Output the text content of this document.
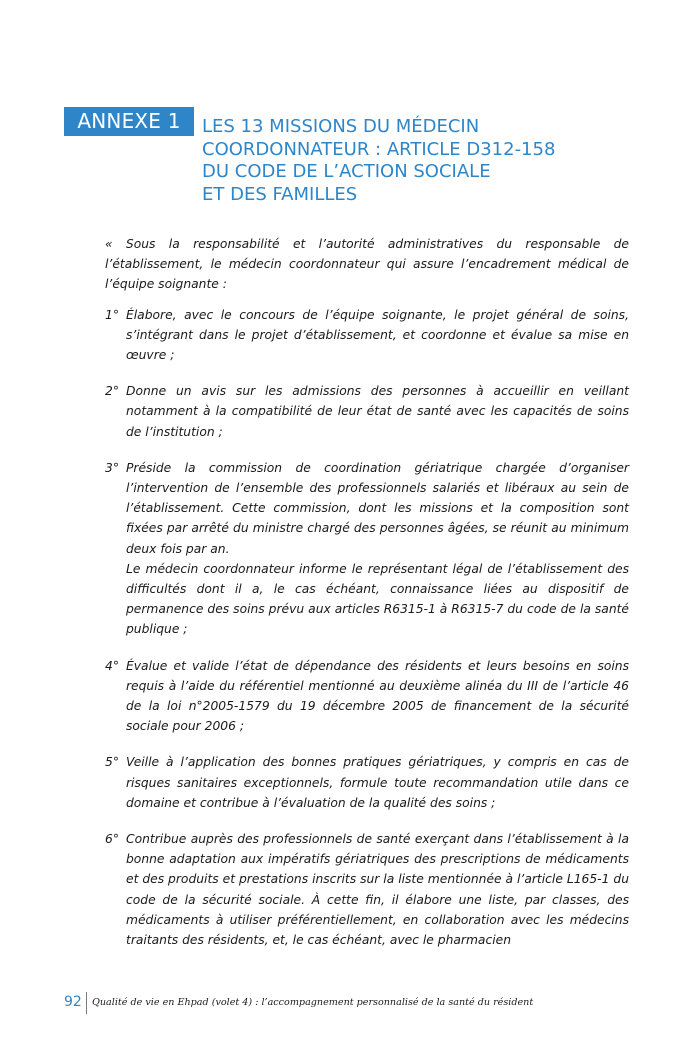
ANNEXE 1	LES 13 MISSIONS DU MÉDECIN
COORDONNATEUR : ARTICLE D312-158
DU CODE DE L’ACTION SOCIALE
ET DES FAMILLES

« Sous la responsabilité et l’autorité administratives du responsable de l’établissement, le médecin coordonnateur qui assure l’encadrement médical de l’équipe soignante :

1° Élabore, avec le concours de l’équipe soignante, le projet général de soins, s’intégrant dans le projet d’établissement, et coordonne et évalue sa mise en œuvre ;

2° Donne un avis sur les admissions des personnes à accueillir en veillant notamment à la compatibilité de leur état de santé avec les capacités de soins de l’institution ;

3° Préside la commission de coordination gériatrique chargée d’organiser l’intervention de l’ensemble des professionnels salariés et libéraux au sein de l’établissement. Cette commission, dont les missions et la composition sont fixées par arrêté du ministre chargé des personnes âgées, se réunit au minimum deux fois par an.

Le médecin coordonnateur informe le représentant légal de l’établissement des difficultés dont il a, le cas échéant, connaissance liées au dispositif de permanence des soins prévu aux articles R6315-1 à R6315-7 du code de la santé publique ;

4° Évalue et valide l’état de dépendance des résidents et leurs besoins en soins requis à l’aide du référentiel mentionné au deuxième alinéa du III de l’article 46 de la loi n°2005-1579 du 19 décembre 2005 de financement de la sécurité sociale pour 2006 ;

5° Veille à l’application des bonnes pratiques gériatriques, y compris en cas de risques sanitaires exceptionnels, formule toute recommandation utile dans ce domaine et contribue à l’évaluation de la qualité des soins ;

6° Contribue auprès des professionnels de santé exerçant dans l’établissement à la bonne adaptation aux impératifs gériatriques des prescriptions de médicaments et des produits et prestations inscrits sur la liste mentionnée à l’article L165-1 du code de la sécurité sociale. À cette fin, il élabore une liste, par classes, des médicaments à utiliser préférentiellement, en collaboration avec les médecins traitants des résidents, et, le cas échéant, avec le pharmacien

92 Qualité de vie en Ehpad (volet 4) : l’accompagnement personnalisé de la santé du résident
